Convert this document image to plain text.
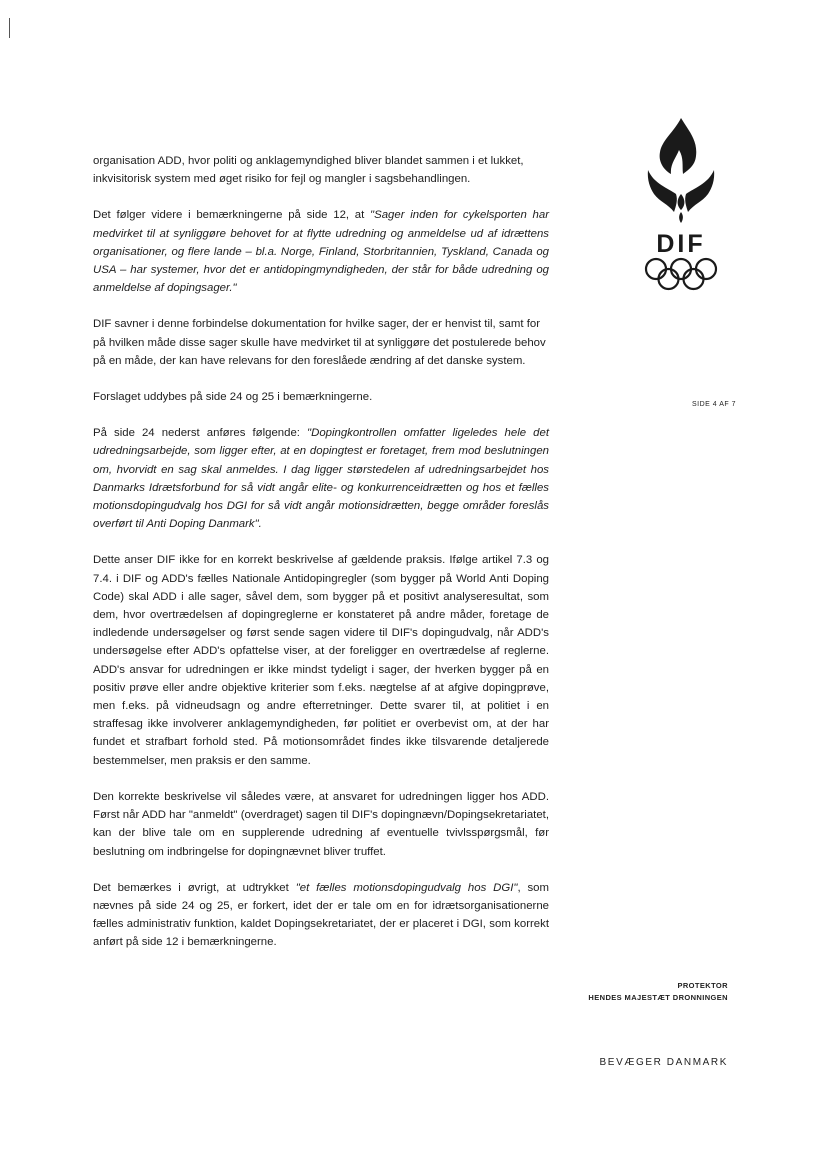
organisation ADD, hvor politi og anklagemyndighed bliver blandet sammen i et lukket, inkvisitorisk system med øget risiko for fejl og mangler i sagsbehandlingen.

Det følger videre i bemærkningerne på side 12, at "Sager inden for cykelsporten har medvirket til at synliggøre behovet for at flytte udredning og anmeldelse ud af idrættens organisationer, og flere lande – bl.a. Norge, Finland, Storbritannien, Tyskland, Canada og USA – har systemer, hvor det er antidopingmyndigheden, der står for både udredning og anmeldelse af dopingsager."

DIF savner i denne forbindelse dokumentation for hvilke sager, der er henvist til, samt for på hvilken måde disse sager skulle have medvirket til at synliggøre det postulerede behov på en måde, der kan have relevans for den foreslåede ændring af det danske system.

Forslaget uddybes på side 24 og 25 i bemærkningerne.

På side 24 nederst anføres følgende: "Dopingkontrollen omfatter ligeledes hele det udredningsarbejde, som ligger efter, at en dopingtest er foretaget, frem mod beslutningen om, hvorvidt en sag skal anmeldes. I dag ligger størstedelen af udredningsarbejdet hos Danmarks Idrætsforbund for så vidt angår elite- og konkurrenceidrætten og hos et fælles motionsdopingudvalg hos DGI for så vidt angår motionsidrætten, begge områder foreslås overført til Anti Doping Danmark".

Dette anser DIF ikke for en korrekt beskrivelse af gældende praksis. Ifølge artikel 7.3 og 7.4. i DIF og ADD's fælles Nationale Antidopingregler (som bygger på World Anti Doping Code) skal ADD i alle sager, såvel dem, som bygger på et positivt analyseresultat, som dem, hvor overtrædelsen af dopingreglerne er konstateret på andre måder, foretage de indledende undersøgelser og først sende sagen videre til DIF's dopingudvalg, når ADD's undersøgelse efter ADD's opfattelse viser, at der foreligger en overtrædelse af reglerne. ADD's ansvar for udredningen er ikke mindst tydeligt i sager, der hverken bygger på en positiv prøve eller andre objektive kriterier som f.eks. nægtelse af at afgive dopingprøve, men f.eks. på vidneudsagn og andre efterretninger. Dette svarer til, at politiet i en straffesag ikke involverer anklagemyndigheden, før politiet er overbevist om, at der har fundet et strafbart forhold sted. På motionsområdet findes ikke tilsvarende detaljerede bestemmelser, men praksis er den samme.

Den korrekte beskrivelse vil således være, at ansvaret for udredningen ligger hos ADD. Først når ADD har "anmeldt" (overdraget) sagen til DIF's dopingnævn/Dopingsekretariatet, kan der blive tale om en supplerende udredning af eventuelle tvivlsspørgsmål, før beslutning om indbringelse for dopingnævnet bliver truffet.

Det bemærkes i øvrigt, at udtrykket "et fælles motionsdopingudvalg hos DGI", som nævnes på side 24 og 25, er forkert, idet der er tale om en for idrætsorganisationerne fælles administrativ funktion, kaldet Dopingsekretariatet, der er placeret i DGI, som korrekt anført på side 12 i bemærkningerne.

DIF
SIDE 4 AF 7
PROTEKTOR
HENDES MAJESTÆT DRONNINGEN
BEVÆGER DANMARK
